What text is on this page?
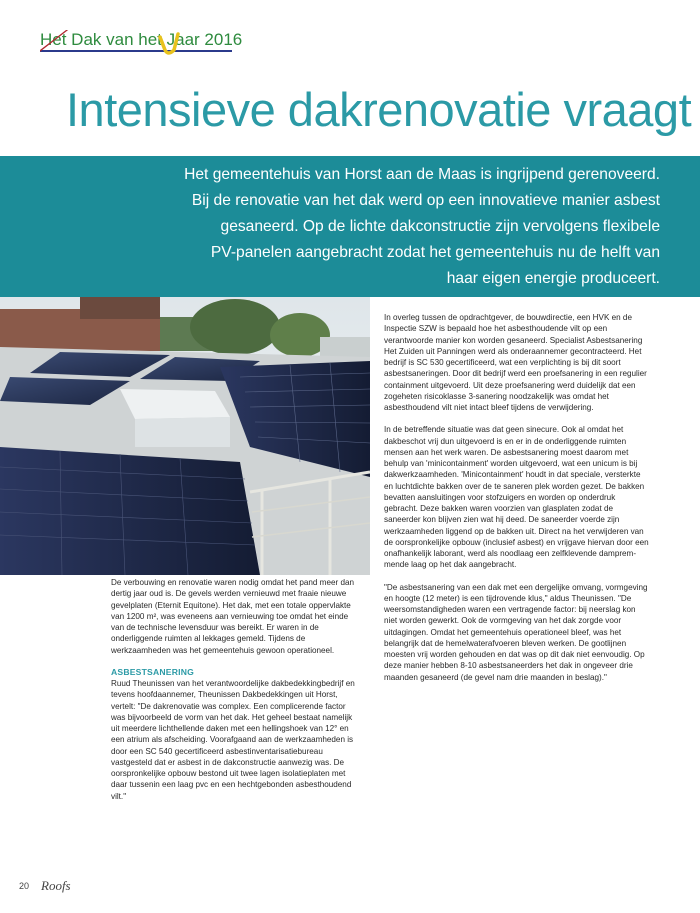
Het Dak van het Jaar 2016
Intensieve dakrenovatie vraagt
Het gemeentehuis van Horst aan de Maas is ingrijpend gerenoveerd.
Bij de renovatie van het dak werd op een innovatieve manier asbest
gesaneerd. Op de lichte dakconstructie zijn vervolgens flexibele
PV-panelen aangebracht zodat het gemeentehuis nu de helft van
haar eigen energie produceert.

De verbouwing en renovatie waren nodig omdat het pand meer dan dertig jaar oud is. De gevels werden vernieuwd met fraaie nieuwe gevelplaten (Eternit Equitone). Het dak, met een totale oppervlakte van 1200 m², was eveneens aan vernieuwing toe omdat het einde van de technische levensduur was bereikt. Er waren in de onderliggende ruimten al lekkages gemeld. Tijdens de werkzaamheden was het gemeentehuis gewoon operationeel.

ASBESTSANERING

Ruud Theunissen van het verantwoordelijke dakbedekkingbedrijf en tevens hoofdaannemer, Theunissen Dakbedekkingen uit Horst, vertelt: "De dakrenovatie was complex. Een complicerende factor was bijvoorbeeld de vorm van het dak. Het geheel bestaat namelijk uit meerdere lichthellende daken met een hellingshoek van 12° en een atrium als afscheiding. Voorafgaand aan de werkzaamheden is door een SC 540 gecertificeerd asbestinventarisatiebureau vastgesteld dat er asbest in de dakconstructie aanwezig was. De oorspronkelijke opbouw bestond uit twee lagen isolatieplaten met daar tussenin een laag pvc en een hechtgebonden asbesthoudend vilt."

In overleg tussen de opdrachtgever, de bouwdirectie, een HVK en de Inspectie SZW is bepaald hoe het asbesthoudende vilt op een verantwoorde manier kon worden gesaneerd. Specialist Asbestsanering Het Zuiden uit Panningen werd als onderaannemer gecontracteerd. Het bedrijf is SC 530 gecertificeerd, wat een verplichting is bij dit soort asbestsaneringen. Door dit bedrijf werd een proefsanering in een regulier containment uitgevoerd. Uit deze proefsanering werd duidelijk dat een zogeheten risicoklasse 3-sanering noodzakelijk was omdat het asbesthoudend vilt niet intact bleef tijdens de verwijdering.

In de betreffende situatie was dat geen sinecure. Ook al omdat het dakbeschot vrij dun uitgevoerd is en er in de onderliggende ruimten mensen aan het werk waren. De asbestsanering moest daarom met behulp van 'minicontainment' worden uitgevoerd, wat een unicum is bij dakwerkzaamheden. 'Minicontainment' houdt in dat speciale, versterkte en luchtdichte bakken over de te saneren plek worden gezet. De bakken bevatten aansluitingen voor stofzuigers en worden op onderdruk gebracht. Deze bakken waren voorzien van glasplaten zodat de saneerder kon blijven zien wat hij deed. De saneerder voerde zijn werkzaamheden liggend op de bakken uit. Direct na het verwijderen van de oorspronkelijke opbouw (inclusief asbest) en vrijgave hiervan door een onafhankelijk laborant, werd als noodlaag een zelfklevende dampremmende laag op het dak aangebracht.

"De asbestsanering van een dak met een dergelijke omvang, vormgeving en hoogte (12 meter) is een tijdrovende klus," aldus Theunissen. "De weersomstandigheden waren een vertragende factor: bij neerslag kon niet worden gewerkt. Ook de vormgeving van het dak zorgde voor uitdagingen. Omdat het gemeentehuis operationeel bleef, was het belangrijk dat de hemelwaterafvoeren bleven werken. De gootlijnen moesten vrij worden gehouden en dat was op dit dak niet eenvoudig. Op deze manier hebben 8-10 asbestsaneerders het dak in ongeveer drie maanden gesaneerd (de gevel nam drie maanden in beslag)."

20 Roofs
